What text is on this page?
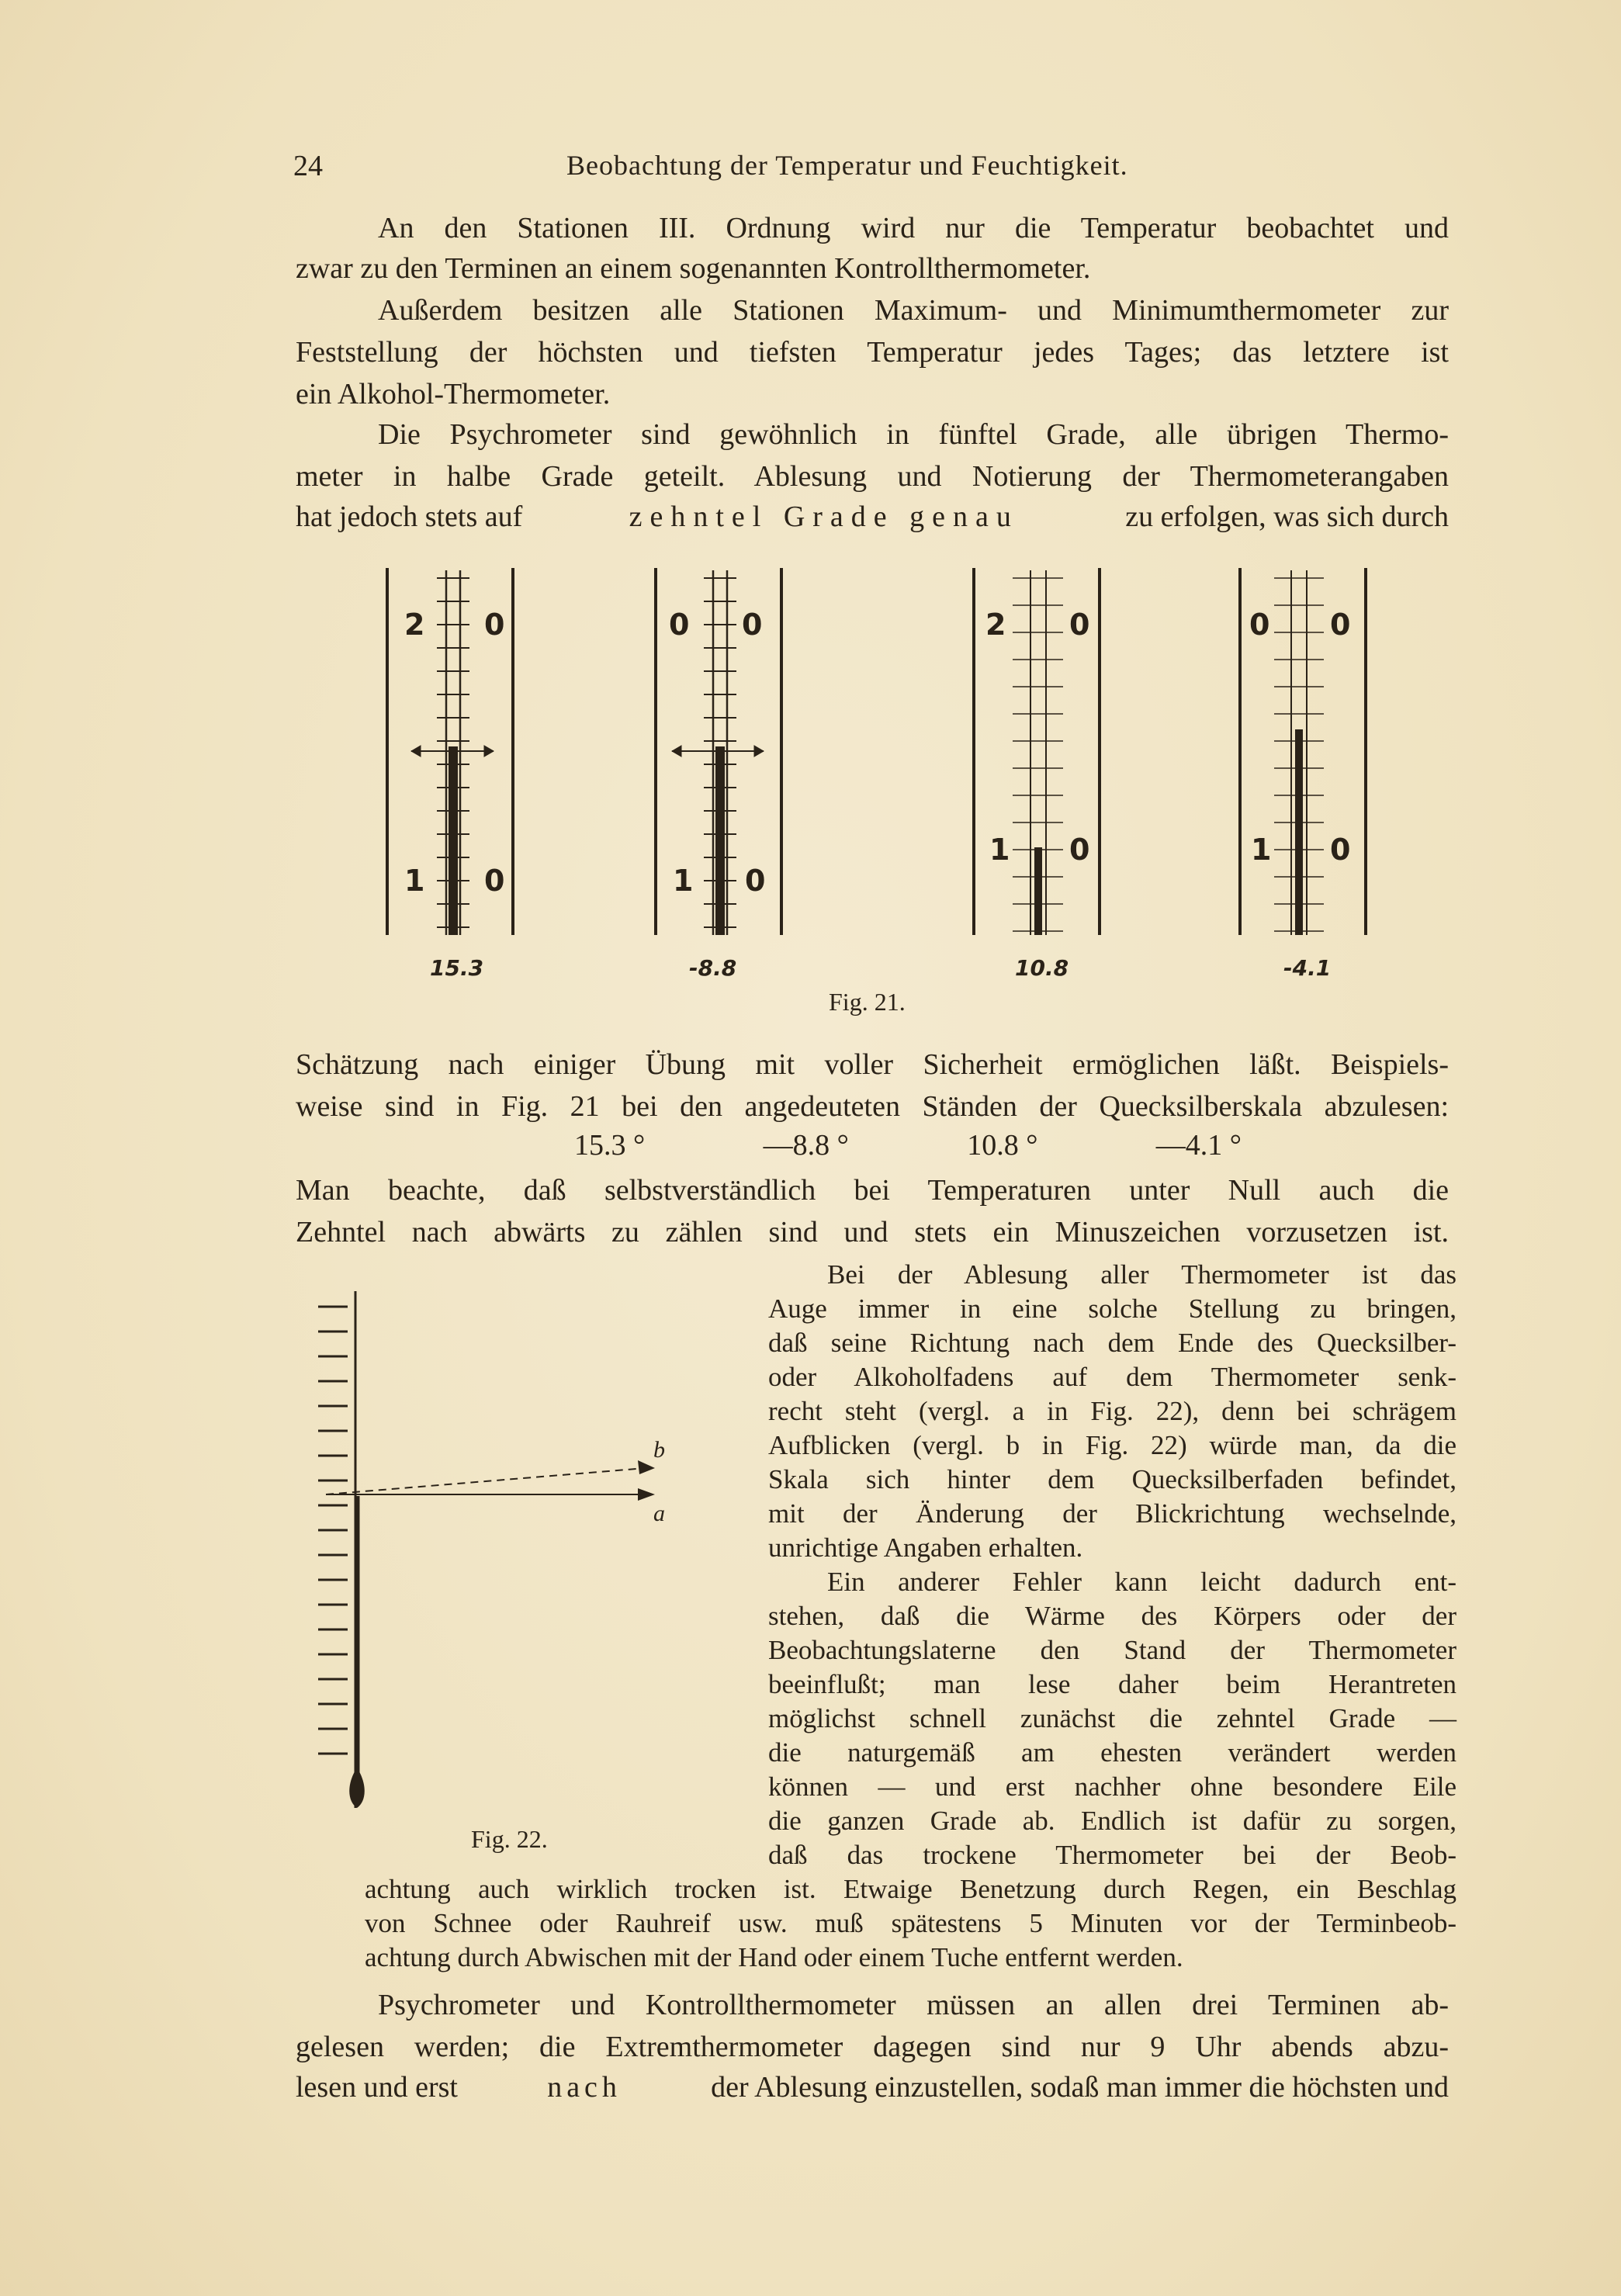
24	Beobachtung der Temperatur und Feuchtigkeit.
An den Stationen III. Ordnung wird nur die Temperatur beobachtet und
zwar zu den Terminen an einem sogenannten Kontrollthermometer.
Außerdem besitzen alle Stationen Maximum- und Minimumthermometer zur
Feststellung der höchsten und tiefsten Temperatur jedes Tages; das letztere ist
ein Alkohol-Thermometer.
Die Psychrometer sind gewöhnlich in fünftel Grade, alle übrigen Thermo-
meter in halbe Grade geteilt. Ablesung und Notierung der Thermometerangaben
hat jedoch stets auf	zehntel Grade genau	zu erfolgen, was sich durch
2 0
1 0
0 0
1 0
2 0
1 0
0 0
1 0
15.3	-8.8	10.8	-4.1
Fig. 21.
Schätzung nach einiger Übung mit voller Sicherheit ermöglichen läßt. Beispiels-
weise sind in Fig. 21 bei den angedeuteten Ständen der Quecksilberskala abzulesen:
15.3 °	—8.8 °	10.8 °	—4.1 °
Man beachte, daß selbstverständlich bei Temperaturen unter Null auch die
Zehntel nach abwärts zu zählen sind und stets ein Minuszeichen vorzusetzen ist.
a
b
Fig. 22.
Bei der Ablesung aller Thermometer ist das
Auge immer in eine solche Stellung zu bringen,
daß seine Richtung nach dem Ende des Quecksilber-
oder Alkoholfadens auf dem Thermometer senk-
recht steht (vergl. a in Fig. 22), denn bei schrägem
Aufblicken (vergl. b in Fig. 22) würde man, da die
Skala sich hinter dem Quecksilberfaden befindet,
mit der Änderung der Blickrichtung wechselnde,
unrichtige Angaben erhalten.
Ein anderer Fehler kann leicht dadurch ent-
stehen, daß die Wärme des Körpers oder der
Beobachtungslaterne den Stand der Thermometer
beeinflußt; man lese daher beim Herantreten
möglichst schnell zunächst die zehntel Grade —
die naturgemäß am ehesten verändert werden
können — und erst nachher ohne besondere Eile
die ganzen Grade ab. Endlich ist dafür zu sorgen,
daß das trockene Thermometer bei der Beob-
achtung auch wirklich trocken ist. Etwaige Benetzung durch Regen, ein Beschlag
von Schnee oder Rauhreif usw. muß spätestens 5 Minuten vor der Terminbeob-
achtung durch Abwischen mit der Hand oder einem Tuche entfernt werden.
Psychrometer und Kontrollthermometer müssen an allen drei Terminen ab-
gelesen werden; die Extremthermometer dagegen sind nur 9 Uhr abends abzu-
lesen und erst	nach	der Ablesung einzustellen, sodaß man immer die höchsten und
